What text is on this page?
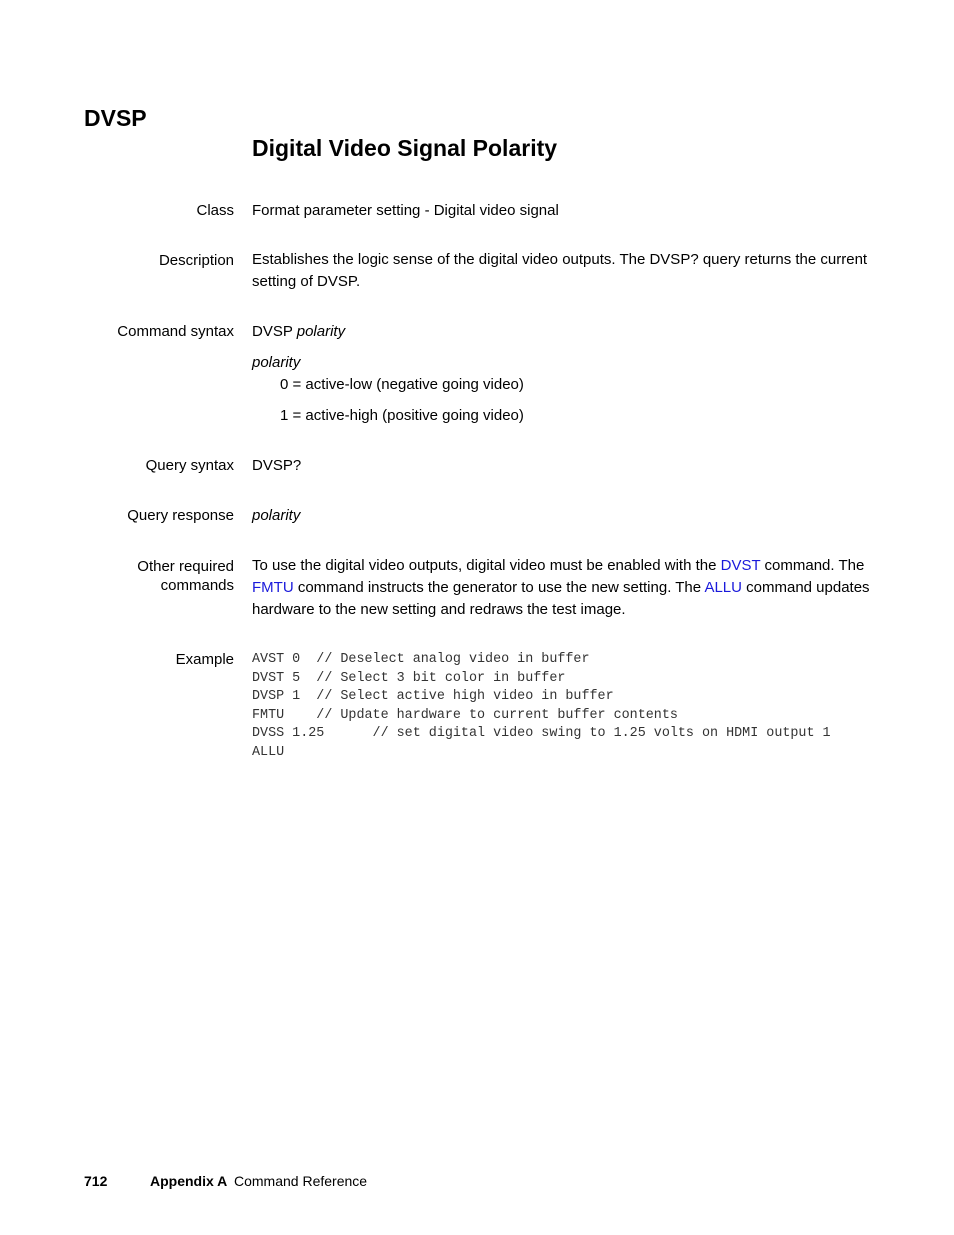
DVSP
Digital Video Signal Polarity
Class Format parameter setting - Digital video signal
Description Establishes the logic sense of the digital video outputs. The DVSP? query returns the current setting of DVSP.
Command syntax DVSP polarity

polarity

0 = active-low (negative going video)

1 = active-high (positive going video)

Query syntax DVSP?
Query response polarity
Other required
commands
To use the digital video outputs, digital video must be enabled with the DVST command. The FMTU command instructs the generator to use the new setting. The ALLU command updates hardware to the new setting and redraws the test image.
Example AVST 0  // Deselect analog video in buffer
DVST 5  // Select 3 bit color in buffer
DVSP 1  // Select active high video in buffer
FMTU    // Update hardware to current buffer contents
DVSS 1.25      // set digital video swing to 1.25 volts on HDMI output 1
ALLU
712	Appendix A Command Reference
